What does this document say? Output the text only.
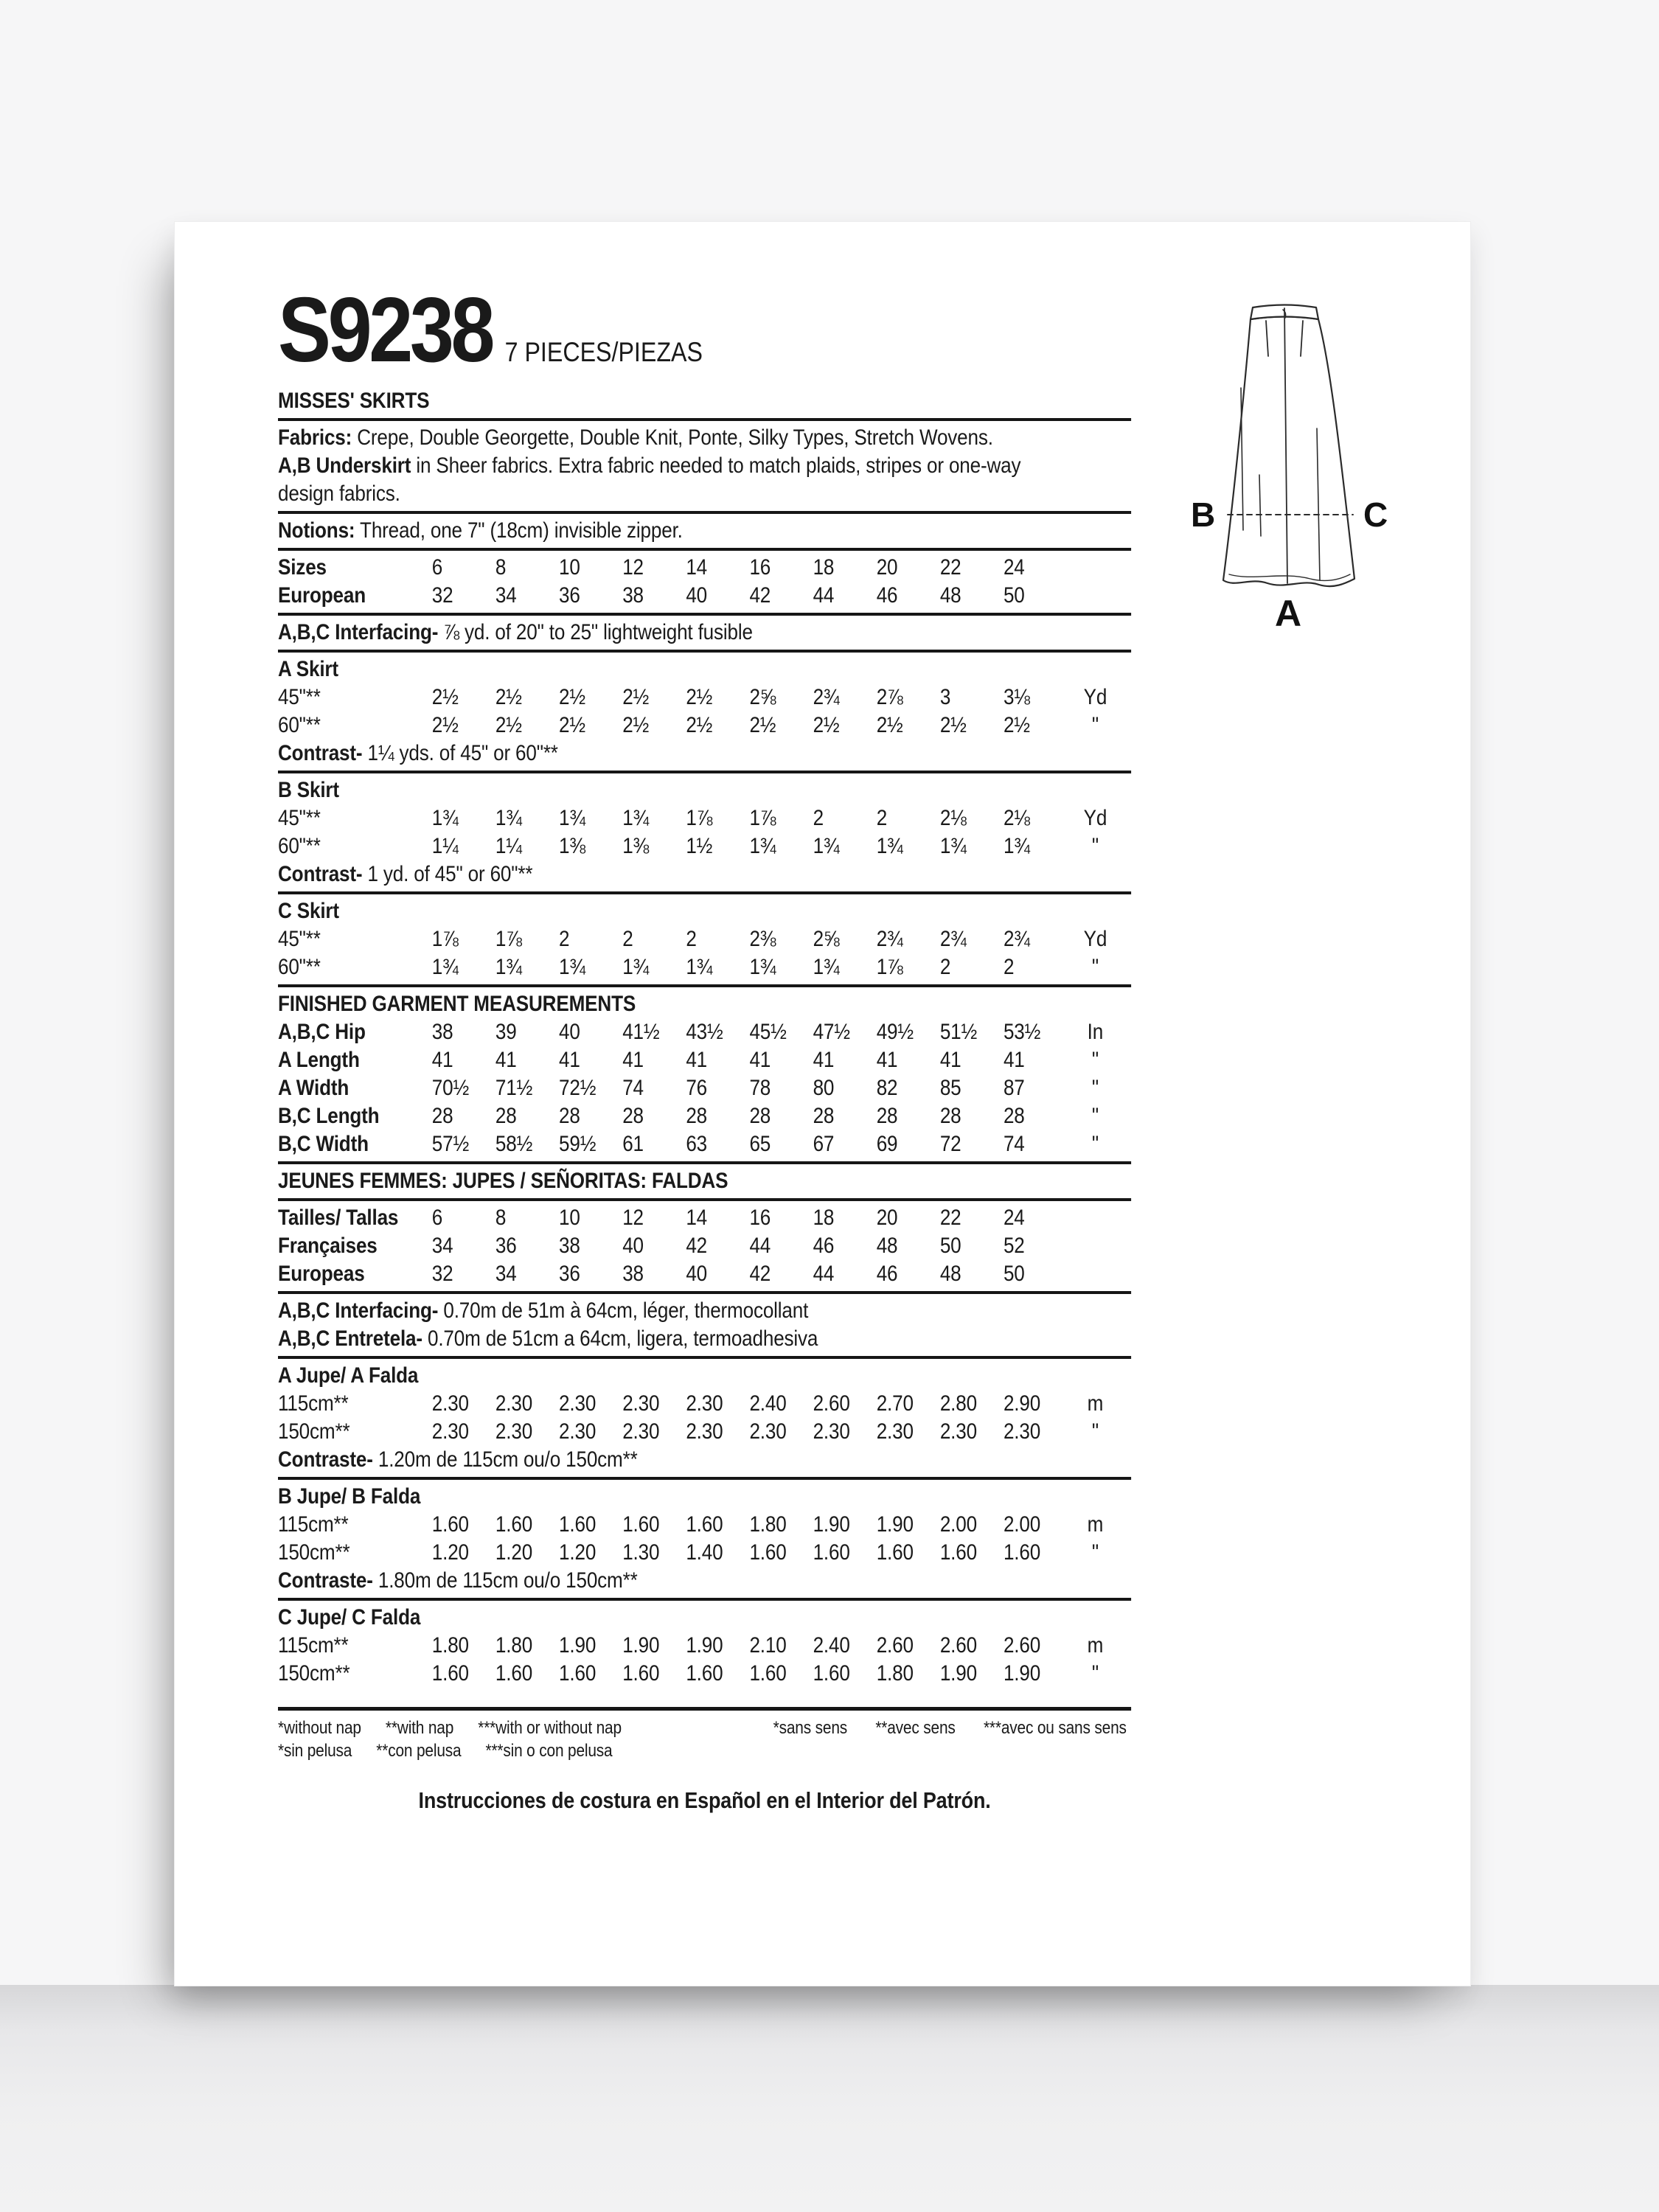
S9238 7 PIECES/PIEZAS
MISSES' SKIRTS
Fabrics: Crepe, Double Georgette, Double Knit, Ponte, Silky Types, Stretch Wovens.
A,B Underskirt in Sheer fabrics. Extra fabric needed to match plaids, stripes or one-way
design fabrics.
Notions: Thread, one 7" (18cm) invisible zipper.
Sizes	6	8	10	12	14	16	18	20	22	24
European	32	34	36	38	40	42	44	46	48	50
A,B,C Interfacing- ⅞ yd. of 20" to 25" lightweight fusible
A Skirt
45"**	2½	2½	2½	2½	2½	2⅝	2¾	2⅞	3	3⅛	Yd
60"**	2½	2½	2½	2½	2½	2½	2½	2½	2½	2½	"
Contrast- 1¼ yds. of 45" or 60"**
B Skirt
45"**	1¾	1¾	1¾	1¾	1⅞	1⅞	2	2	2⅛	2⅛	Yd
60"**	1¼	1¼	1⅜	1⅜	1½	1¾	1¾	1¾	1¾	1¾	"
Contrast- 1 yd. of 45" or 60"**
C Skirt
45"**	1⅞	1⅞	2	2	2	2⅜	2⅝	2¾	2¾	2¾	Yd
60"**	1¾	1¾	1¾	1¾	1¾	1¾	1¾	1⅞	2	2	"
FINISHED GARMENT MEASUREMENTS
A,B,C Hip	38	39	40	41½	43½	45½	47½	49½	51½	53½	In
A Length	41	41	41	41	41	41	41	41	41	41	"
A Width	70½	71½	72½	74	76	78	80	82	85	87	"
B,C Length	28	28	28	28	28	28	28	28	28	28	"
B,C Width	57½	58½	59½	61	63	65	67	69	72	74	"
JEUNES FEMMES: JUPES / SEÑORITAS: FALDAS
Tailles/ Tallas	6	8	10	12	14	16	18	20	22	24
Françaises	34	36	38	40	42	44	46	48	50	52
Europeas	32	34	36	38	40	42	44	46	48	50
A,B,C Interfacing- 0.70m de 51m à 64cm, léger, thermocollant
A,B,C Entretela- 0.70m de 51cm a 64cm, ligera, termoadhesiva
A Jupe/ A Falda
115cm**	2.30	2.30	2.30	2.30	2.30	2.40	2.60	2.70	2.80	2.90	m
150cm**	2.30	2.30	2.30	2.30	2.30	2.30	2.30	2.30	2.30	2.30	"
Contraste- 1.20m de 115cm ou/o 150cm**
B Jupe/ B Falda
115cm**	1.60	1.60	1.60	1.60	1.60	1.80	1.90	1.90	2.00	2.00	m
150cm**	1.20	1.20	1.20	1.30	1.40	1.60	1.60	1.60	1.60	1.60	"
Contraste- 1.80m de 115cm ou/o 150cm**
C Jupe/ C Falda
115cm**	1.80	1.80	1.90	1.90	1.90	2.10	2.40	2.60	2.60	2.60	m
150cm**	1.60	1.60	1.60	1.60	1.60	1.60	1.60	1.80	1.90	1.90	"
*without nap **with nap ***with or without nap	*sans sens **avec sens ***avec ou sans sens
*sin pelusa **con pelusa ***sin o con pelusa
Instrucciones de costura en Español en el Interior del Patrón.
B	C
A
